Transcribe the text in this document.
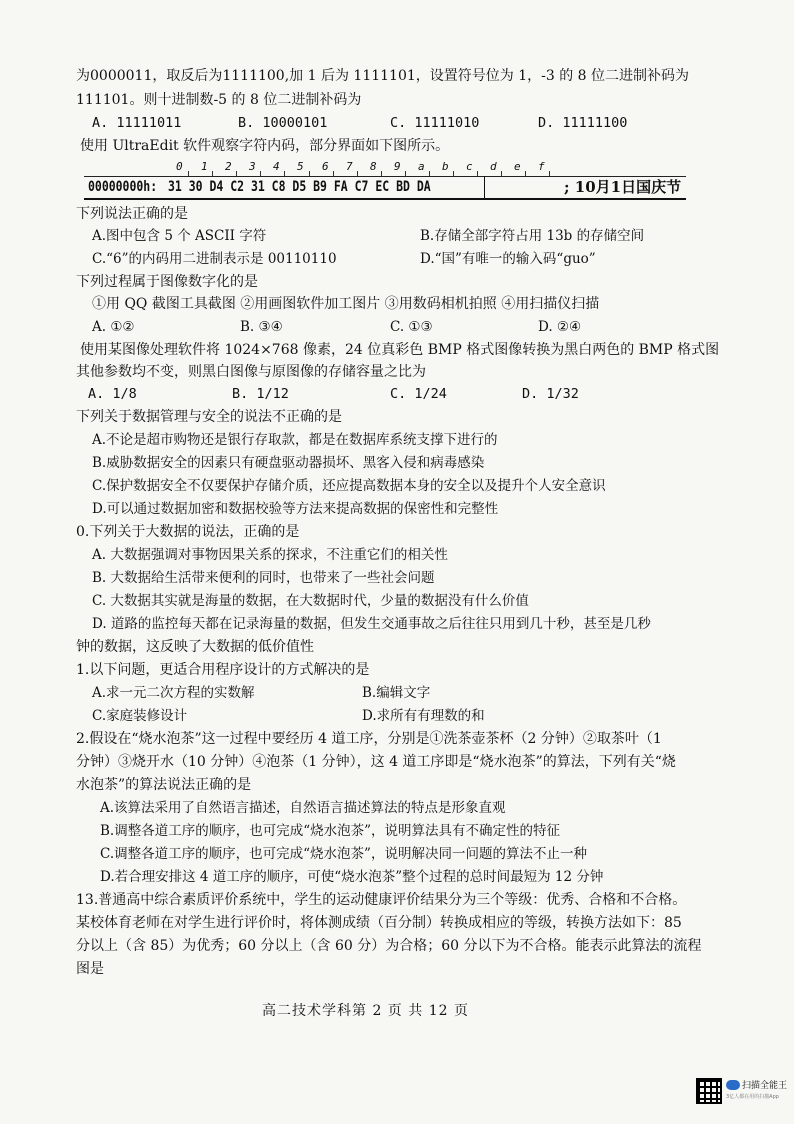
为0000011，取反后为1111100,加 1 后为 1111101，设置符号位为 1，-3 的 8 位二进制补码为
111101。则十进制数-5 的 8 位二进制补码为
A. 11111011	B. 10000101	C. 11111010	D. 11111100
使用 UltraEdit 软件观察字符内码，部分界面如下图所示。
0 1 2 3 4 5 6 7 8 9 a b c d e f
00000000h: 31 30 D4 C2 31 C8 D5 B9 FA C7 EC BD DA	; 10月1日国庆节
下列说法正确的是
A.图中包含 5 个 ASCII 字符	B.存储全部字符占用 13b 的存储空间
C.“6”的内码用二进制表示是 00110110	D.“国”有唯一的输入码“guo”
下列过程属于图像数字化的是
①用 QQ 截图工具截图 ②用画图软件加工图片 ③用数码相机拍照 ④用扫描仪扫描
A. ①②	B. ③④	C. ①③	D. ②④
使用某图像处理软件将 1024×768 像素，24 位真彩色 BMP 格式图像转换为黑白两色的 BMP 格式图
其他参数均不变，则黑白图像与原图像的存储容量之比为
A. 1/8	B. 1/12	C. 1/24	D. 1/32
下列关于数据管理与安全的说法不正确的是
A.不论是超市购物还是银行存取款，都是在数据库系统支撑下进行的
B.威胁数据安全的因素只有硬盘驱动器损坏、黑客入侵和病毒感染
C.保护数据安全不仅要保护存储介质，还应提高数据本身的安全以及提升个人安全意识
D.可以通过数据加密和数据校验等方法来提高数据的保密性和完整性
0.下列关于大数据的说法，正确的是
A. 大数据强调对事物因果关系的探求，不注重它们的相关性
B. 大数据给生活带来便利的同时，也带来了一些社会问题
C. 大数据其实就是海量的数据，在大数据时代，少量的数据没有什么价值
D. 道路的监控每天都在记录海量的数据，但发生交通事故之后往往只用到几十秒，甚至是几秒
钟的数据，这反映了大数据的低价值性
1.以下问题，更适合用程序设计的方式解决的是
A.求一元二次方程的实数解	B.编辑文字
C.家庭装修设计	D.求所有有理数的和
2.假设在“烧水泡茶”这一过程中要经历 4 道工序，分别是①洗茶壶茶杯（2 分钟）②取茶叶（1
分钟）③烧开水（10 分钟）④泡茶（1 分钟），这 4 道工序即是“烧水泡茶”的算法，下列有关“烧
水泡茶”的算法说法正确的是
A.该算法采用了自然语言描述，自然语言描述算法的特点是形象直观
B.调整各道工序的顺序，也可完成“烧水泡茶”，说明算法具有不确定性的特征
C.调整各道工序的顺序，也可完成“烧水泡茶”，说明解决同一问题的算法不止一种
D.若合理安排这 4 道工序的顺序，可使“烧水泡茶”整个过程的总时间最短为 12 分钟
13.普通高中综合素质评价系统中，学生的运动健康评价结果分为三个等级：优秀、合格和不合格。
某校体育老师在对学生进行评价时，将体测成绩（百分制）转换成相应的等级，转换方法如下：85
分以上（含 85）为优秀；60 分以上（含 60 分）为合格；60 分以下为不合格。能表示此算法的流程
图是
高二技术学科第 2 页 共 12 页
扫描全能王
3亿人都在用的扫描App
